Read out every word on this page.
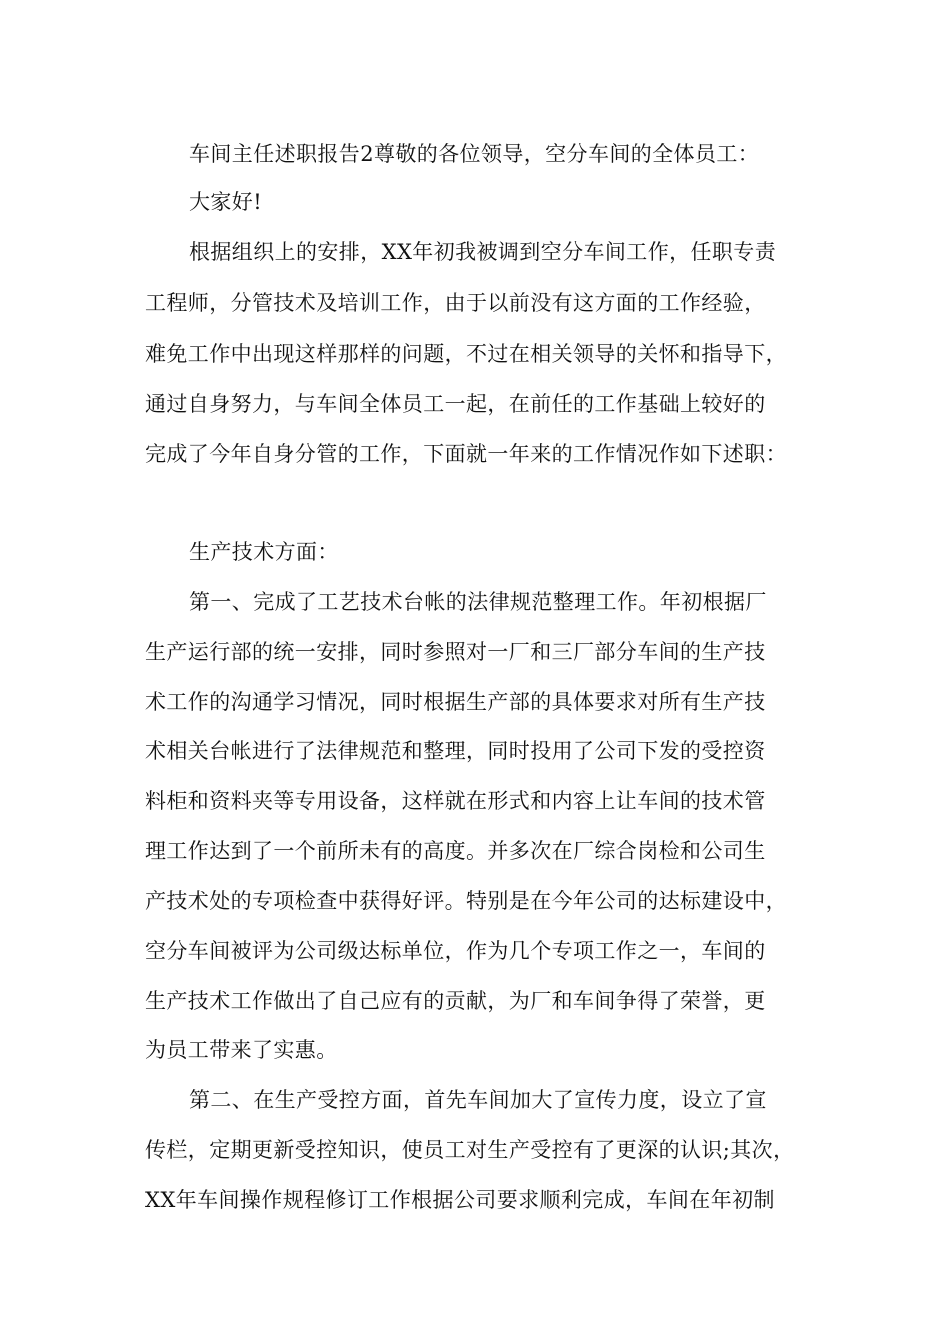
车间主任述职报告2尊敬的各位领导，空分车间的全体员工：
大家好!
根据组织上的安排，XX年初我被调到空分车间工作，任职专责
工程师，分管技术及培训工作，由于以前没有这方面的工作经验，
难免工作中出现这样那样的问题，不过在相关领导的关怀和指导下，
通过自身努力，与车间全体员工一起，在前任的工作基础上较好的
完成了今年自身分管的工作，下面就一年来的工作情况作如下述职：
生产技术方面：
第一、完成了工艺技术台帐的法律规范整理工作。年初根据厂
生产运行部的统一安排，同时参照对一厂和三厂部分车间的生产技
术工作的沟通学习情况，同时根据生产部的具体要求对所有生产技
术相关台帐进行了法律规范和整理，同时投用了公司下发的受控资
料柜和资料夹等专用设备，这样就在形式和内容上让车间的技术管
理工作达到了一个前所未有的高度。并多次在厂综合岗检和公司生
产技术处的专项检查中获得好评。特别是在今年公司的达标建设中，
空分车间被评为公司级达标单位，作为几个专项工作之一，车间的
生产技术工作做出了自己应有的贡献，为厂和车间争得了荣誉，更
为员工带来了实惠。
第二、在生产受控方面，首先车间加大了宣传力度，设立了宣
传栏，定期更新受控知识，使员工对生产受控有了更深的认识;其次，
XX年车间操作规程修订工作根据公司要求顺利完成，车间在年初制
